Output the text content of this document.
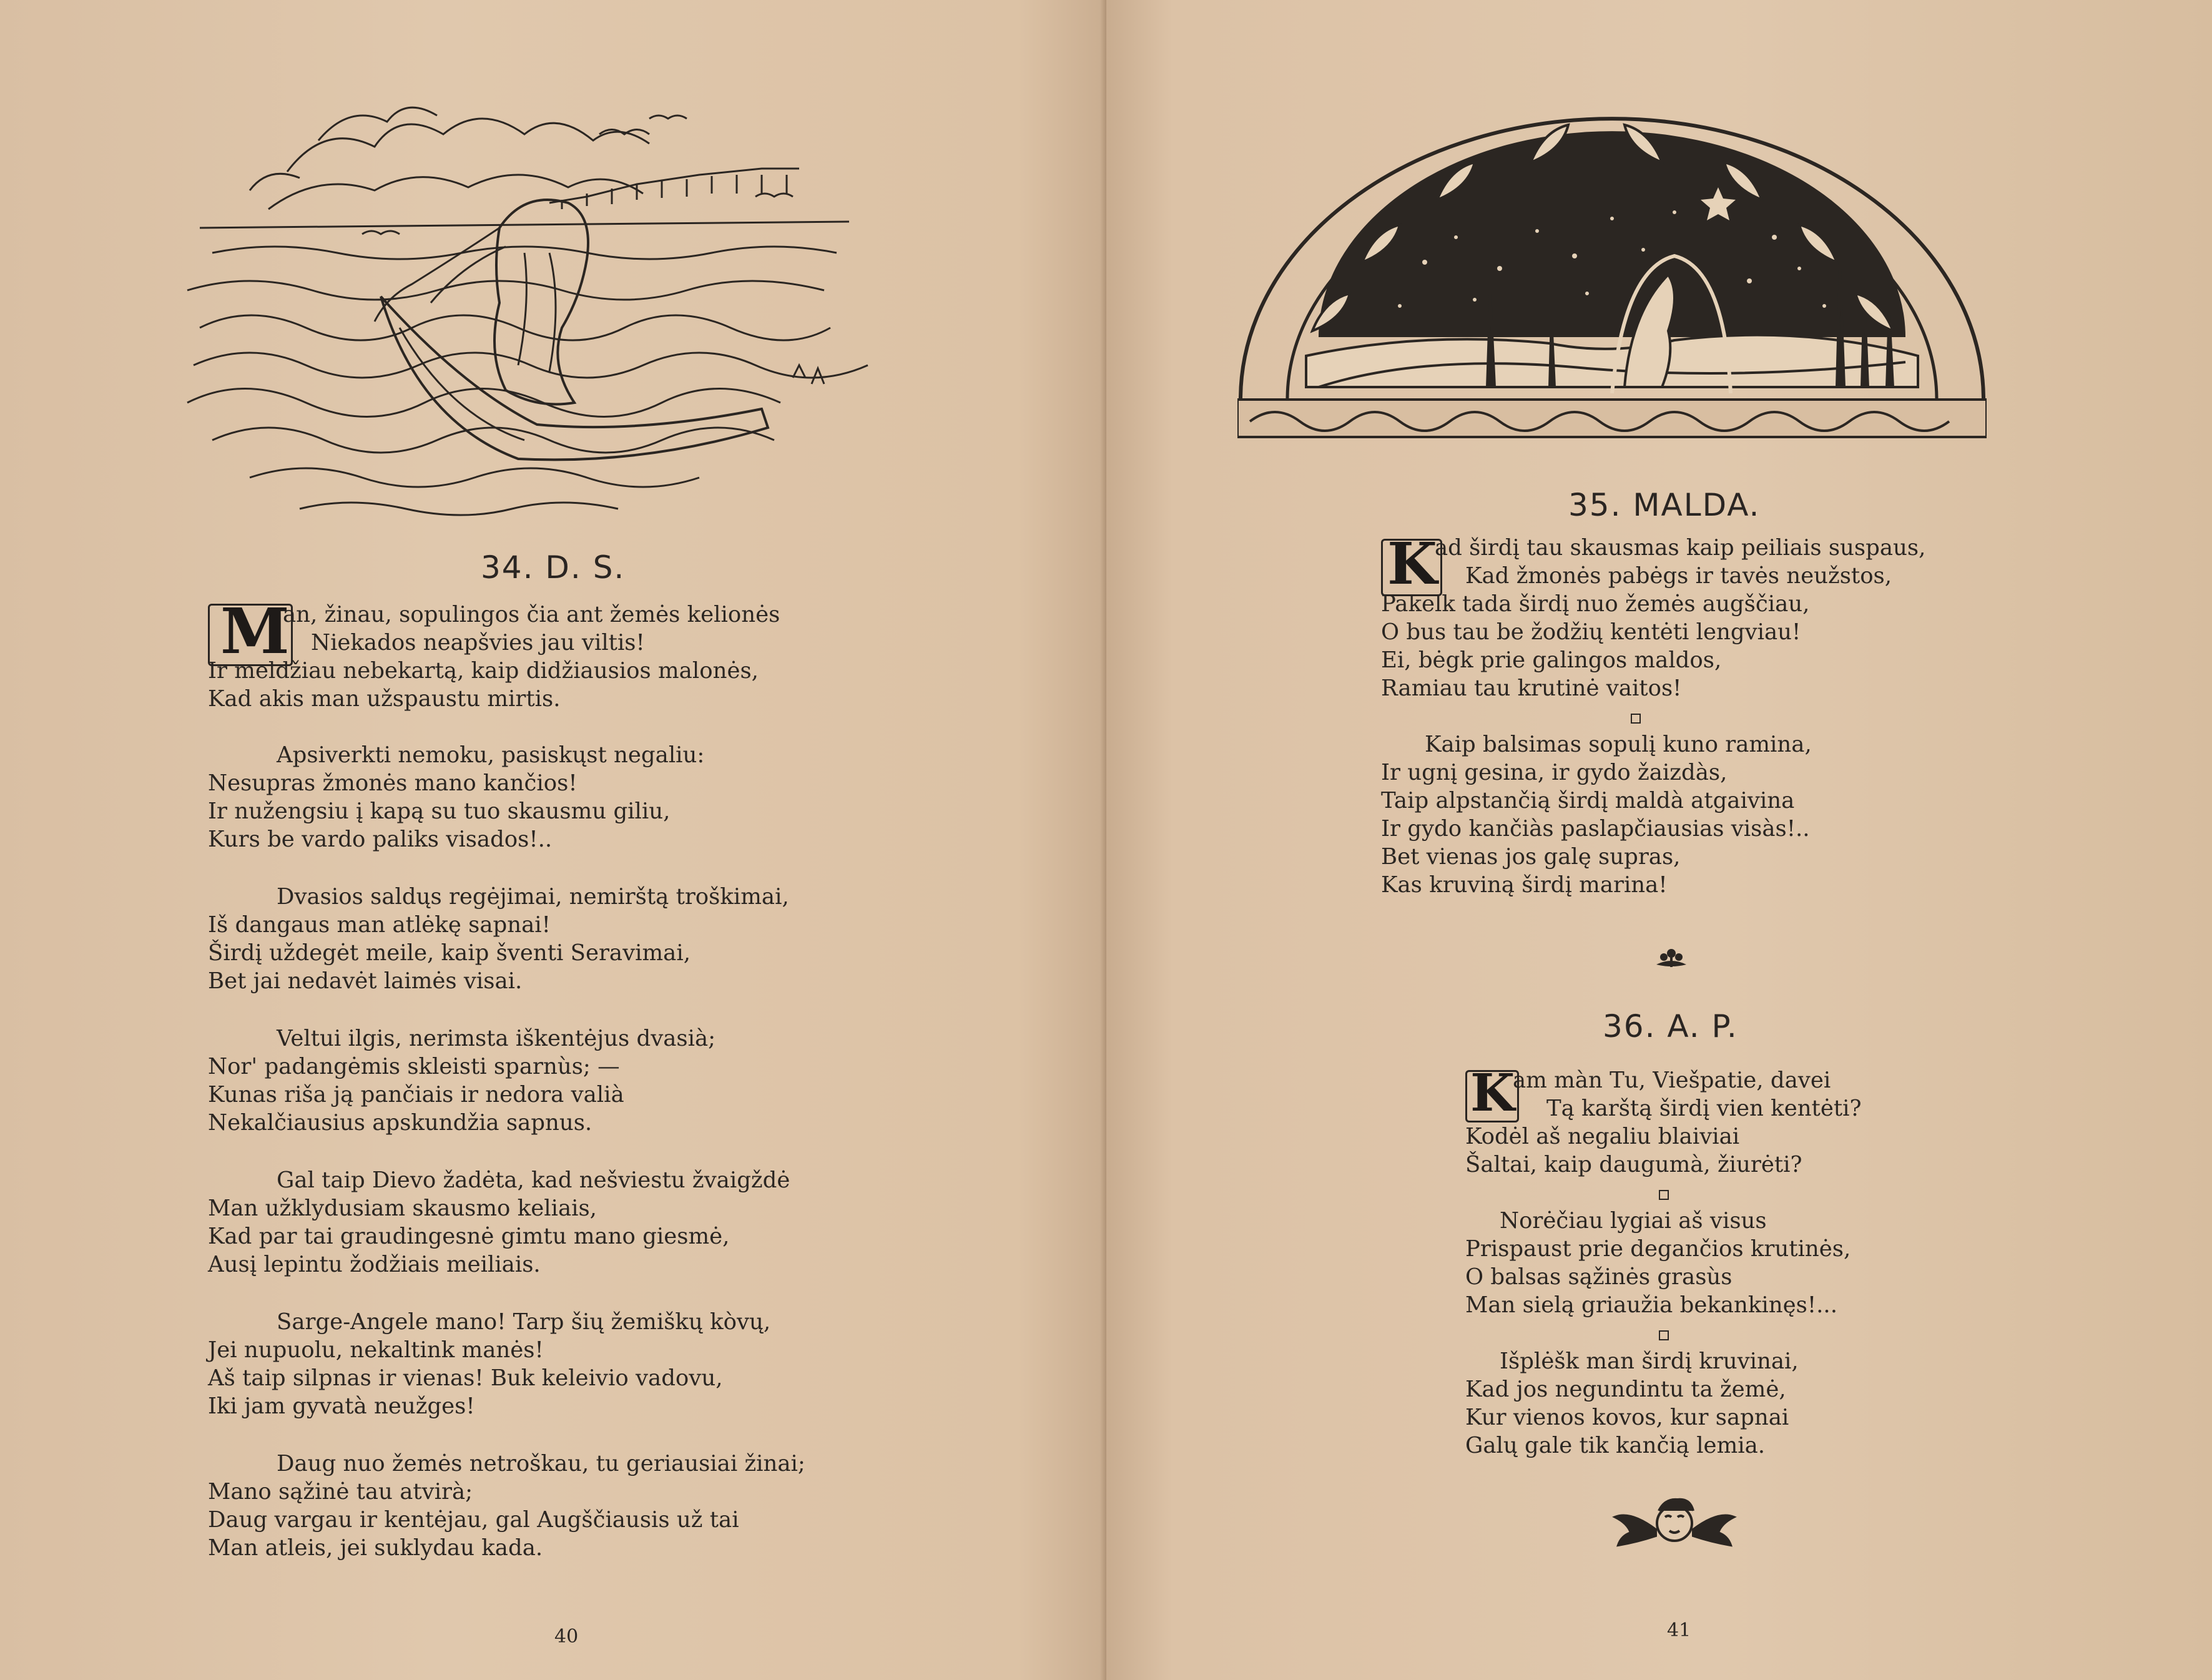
34. D. S.
M
an, žinau, sopulingos čia ant žemės kelionės
Niekados neapšvies jau viltis!
Ir meldžiau nebekartą, kaip didžiausios malonės,
Kad akis man užspaustu mirtis.
Apsiverkti nemoku, pasiskųst negaliu:
Nesupras žmonės mano kančios!
Ir nužengsiu į kapą su tuo skausmu giliu,
Kurs be vardo paliks visados!..
Dvasios saldųs regėjimai, nemirštą troškimai,
Iš dangaus man atlėkę sapnai!
Širdį uždegėt meile, kaip šventi Seravimai,
Bet jai nedavėt laimės visai.
Veltui ilgis, nerimsta iškentėjus dvasià;
Nor' padangėmis skleisti sparnùs; —
Kunas riša ją pančiais ir nedora valià
Nekalčiausius apskundžia sapnus.
Gal taip Dievo žadėta, kad nešviestu žvaigždė
Man užklydusiam skausmo keliais,
Kad par tai graudingesnė gimtu mano giesmė,
Ausį lepintu žodžiais meiliais.
Sarge-Angele mano! Tarp šių žemiškų kòvų,
Jei nupuolu, nekaltink manės!
Aš taip silpnas ir vienas! Buk keleivio vadovu,
Iki jam gyvatà neužges!
Daug nuo žemės netroškau, tu geriausiai žinai;
Mano sąžinė tau atvirà;
Daug vargau ir kentėjau, gal Augščiausis už tai
Man atleis, jei suklydau kada.
40
35. MALDA.
K
ad širdį tau skausmas kaip peiliais suspaus,
Kad žmonės pabėgs ir tavės neužstos,
Pakelk tada širdį nuo žemės augščiau,
O bus tau be žodžių kentėti lengviau!
Ei, bėgk prie galingos maldos,
Ramiau tau krutinė vaitos!
Kaip balsimas sopulį kuno ramina,
Ir ugnį gesina, ir gydo žaizdàs,
Taip alpstančią širdį maldà atgaivina
Ir gydo kančiàs paslapčiausias visàs!..
Bet vienas jos galę supras,
Kas kruviną širdį marina!
36. A. P.
K
am màn Tu, Viešpatie, davei
Tą karštą širdį vien kentėti?
Kodėl aš negaliu blaiviai
Šaltai, kaip daugumà, žiurėti?
Norėčiau lygiai aš visus
Prispaust prie degančios krutinės,
O balsas sąžinės grasùs
Man sielą griaužia bekankinęs!...
Išplėšk man širdį kruvinai,
Kad jos negundintu ta žemė,
Kur vienos kovos, kur sapnai
Galų gale tik kančią lemia.
41
